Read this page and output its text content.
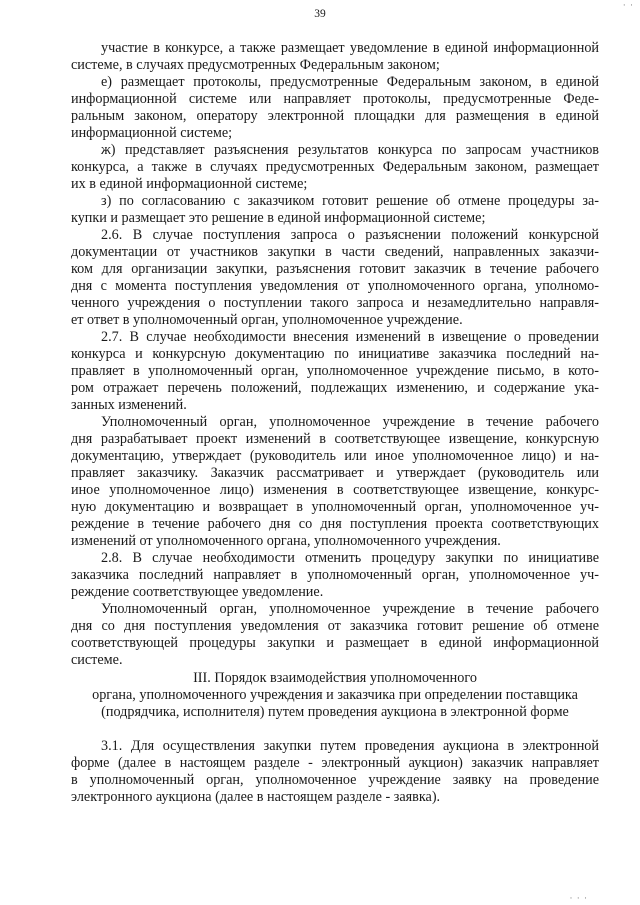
· ·
39
участие в конкурсе, а также размещает уведомление в единой информационной
системе, в случаях предусмотренных Федеральным законом;
е) размещает протоколы, предусмотренные Федеральным законом, в единой
информационной системе или направляет протоколы, предусмотренные Феде-
ральным законом, оператору электронной площадки для размещения в единой
информационной системе;
ж) представляет разъяснения результатов конкурса по запросам участников
конкурса, а также в случаях предусмотренных Федеральным законом, размещает
их в единой информационной системе;
з) по согласованию с заказчиком готовит решение об отмене процедуры за-
купки и размещает это решение в единой информационной системе;
2.6. В случае поступления запроса о разъяснении положений конкурсной
документации от участников закупки в части сведений, направленных заказчи-
ком для организации закупки, разъяснения готовит заказчик в течение рабочего
дня с момента поступления уведомления от уполномоченного органа, уполномо-
ченного учреждения о поступлении такого запроса и незамедлительно направля-
ет ответ в уполномоченный орган, уполномоченное учреждение.
2.7. В случае необходимости внесения изменений в извещение о проведении
конкурса и конкурсную документацию по инициативе заказчика последний на-
правляет в уполномоченный орган, уполномоченное учреждение письмо, в кото-
ром отражает перечень положений, подлежащих изменению, и содержание ука-
занных изменений.
Уполномоченный орган, уполномоченное учреждение в течение рабочего
дня разрабатывает проект изменений в соответствующее извещение, конкурсную
документацию, утверждает (руководитель или иное уполномоченное лицо) и на-
правляет заказчику. Заказчик рассматривает и утверждает (руководитель или
иное уполномоченное лицо) изменения в соответствующее извещение, конкурс-
ную документацию и возвращает в уполномоченный орган, уполномоченное уч-
реждение в течение рабочего дня со дня поступления проекта соответствующих
изменений от уполномоченного органа, уполномоченного учреждения.
2.8. В случае необходимости отменить процедуру закупки по инициативе
заказчика последний направляет в уполномоченный орган, уполномоченное уч-
реждение соответствующее уведомление.
Уполномоченный орган, уполномоченное учреждение в течение рабочего
дня со дня поступления уведомления от заказчика готовит решение об отмене
соответствующей процедуры закупки и размещает в единой информационной
системе.
III. Порядок взаимодействия уполномоченного
органа, уполномоченного учреждения и заказчика при определении поставщика
(подрядчика, исполнителя) путем проведения аукциона в электронной форме
3.1. Для осуществления закупки путем проведения аукциона в электронной
форме (далее в настоящем разделе - электронный аукцион) заказчик направляет
в уполномоченный орган, уполномоченное учреждение заявку на проведение
электронного аукциона (далее в настоящем разделе - заявка).
· · ·
